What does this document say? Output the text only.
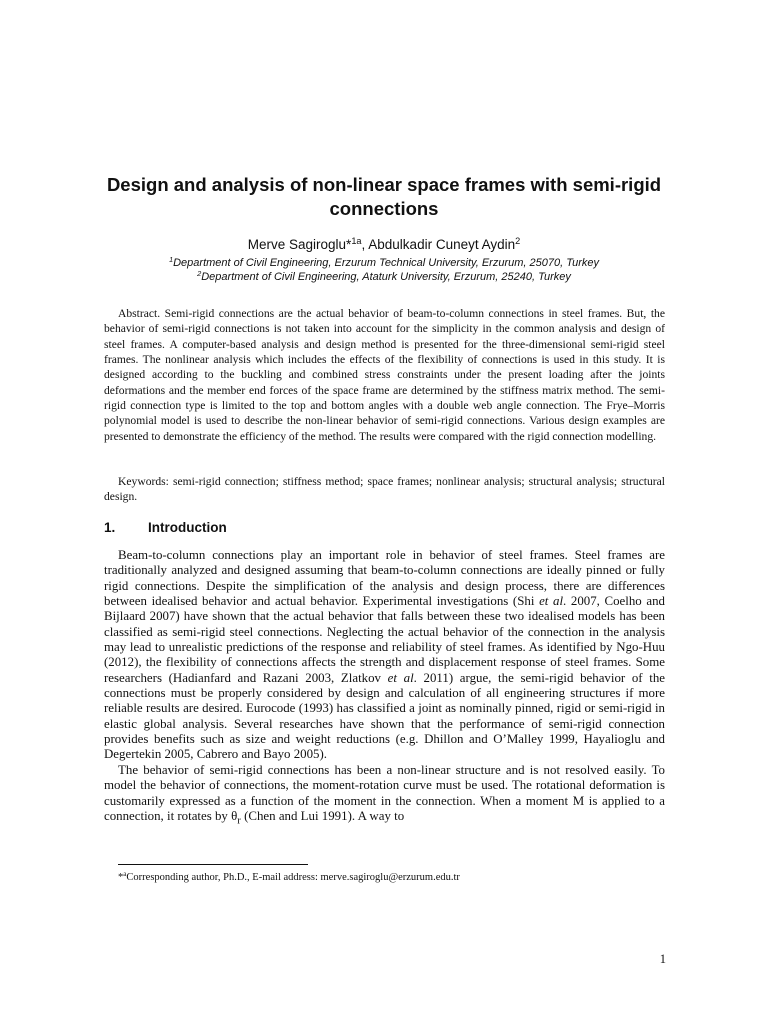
Design and analysis of non-linear space frames with semi-rigid connections
Merve Sagiroglu*$^{1a}$, Abdulkadir Cuneyt Aydin$^2$
$^1$Department of Civil Engineering, Erzurum Technical University, Erzurum, 25070, Turkey
$^2$Department of Civil Engineering, Ataturk University, Erzurum, 25240, Turkey

Abstract. Semi-rigid connections are the actual behavior of beam-to-column connections in steel frames. But, the behavior of semi-rigid connections is not taken into account for the simplicity in the common analysis and design of steel frames. A computer-based analysis and design method is presented for the three-dimensional semi-rigid steel frames. The nonlinear analysis which includes the effects of the flexibility of connections is used in this study. It is designed according to the buckling and combined stress constraints under the present loading after the joints deformations and the member end forces of the space frame are determined by the stiffness matrix method. The semi-rigid connection type is limited to the top and bottom angles with a double web angle connection. The Frye–Morris polynomial model is used to describe the non-linear behavior of semi-rigid connections. Various design examples are presented to demonstrate the efficiency of the method. The results were compared with the rigid connection modelling.

Keywords: semi-rigid connection; stiffness method; space frames; nonlinear analysis; structural analysis; structural design.

1. Introduction

Beam-to-column connections play an important role in behavior of steel frames. Steel frames are traditionally analyzed and designed assuming that beam-to-column connections are ideally pinned or fully rigid connections. Despite the simplification of the analysis and design process, there are differences between idealised behavior and actual behavior. Experimental investigations (Shi et al. 2007, Coelho and Bijlaard 2007) have shown that the actual behavior that falls between these two idealised models has been classified as semi-rigid steel connections. Neglecting the actual behavior of the connection in the analysis may lead to unrealistic predictions of the response and reliability of steel frames. As identified by Ngo-Huu (2012), the flexibility of connections affects the strength and displacement response of steel frames. Some researchers (Hadianfard and Razani 2003, Zlatkov et al. 2011) argue, the semi-rigid behavior of the connections must be properly considered by design and calculation of all engineering structures if more reliable results are desired. Eurocode (1993) has classified a joint as nominally pinned, rigid or semi-rigid in elastic global analysis. Several researches have shown that the performance of semi-rigid connection provides benefits such as size and weight reductions (e.g. Dhillon and O’Malley 1999, Hayalioglu and Degertekin 2005, Cabrero and Bayo 2005).

The behavior of semi-rigid connections has been a non-linear structure and is not resolved easily. To model the behavior of connections, the moment-rotation curve must be used. The rotational deformation is customarily expressed as a function of the moment in the connection. When a moment M is applied to a connection, it rotates by $\theta_r$ (Chen and Lui 1991). A way to

*$^a$Corresponding author, Ph.D., E-mail address: merve.sagiroglu@erzurum.edu.tr
1
